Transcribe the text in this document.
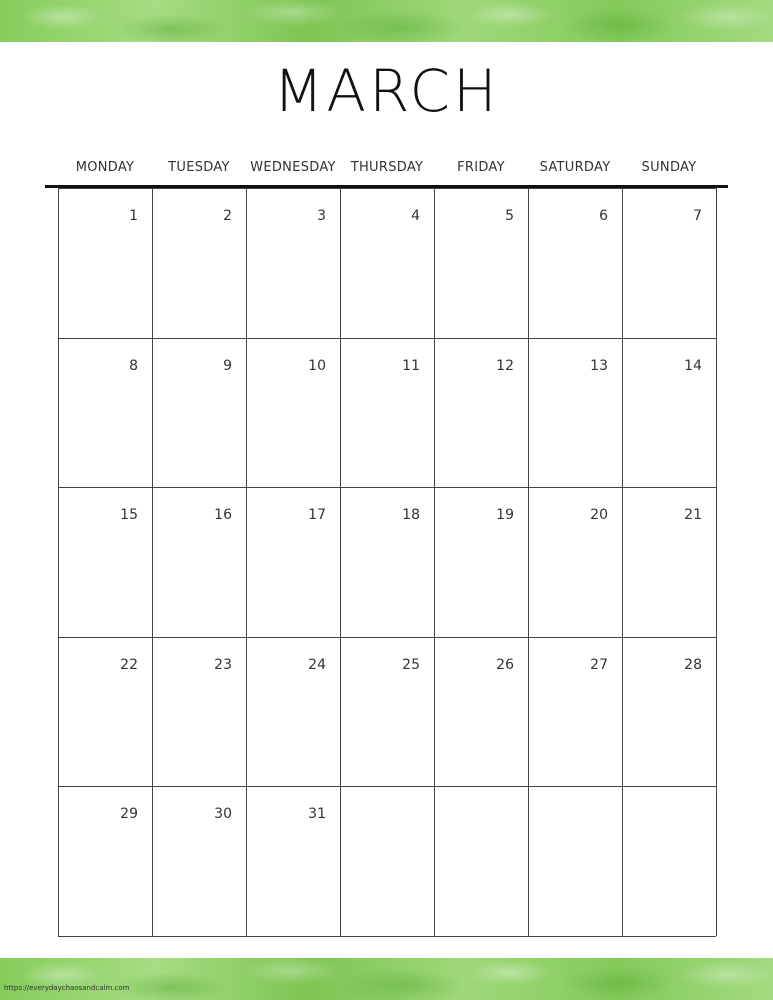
MARCH
MONDAY	TUESDAY	WEDNESDAY	THURSDAY	FRIDAY	SATURDAY	SUNDAY
1	2	3	4	5	6	7
8	9	10	11	12	13	14
15	16	17	18	19	20	21
22	23	24	25	26	27	28
29	30	31
https://everydaychaosandcalm.com
